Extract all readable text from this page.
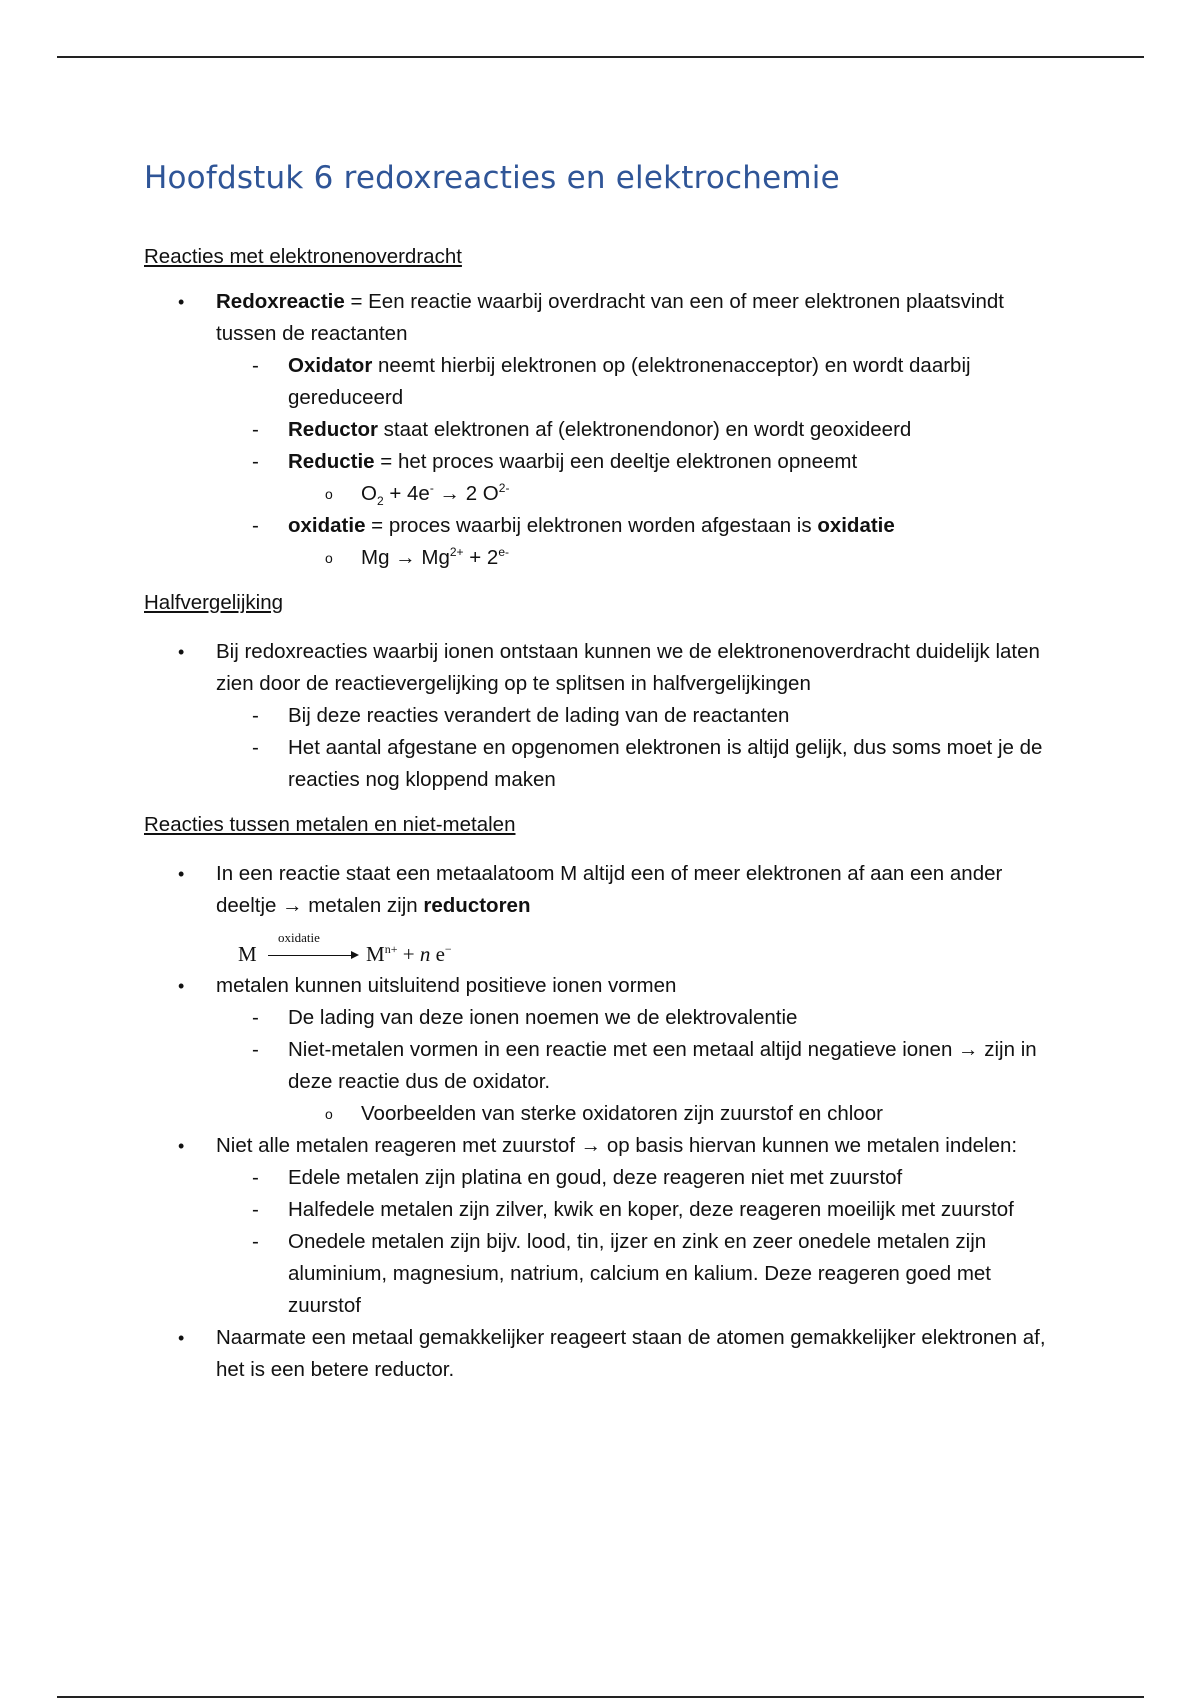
Hoofdstuk 6 redoxreacties en elektrochemie
Reacties met elektronenoverdracht
• Redoxreactie = Een reactie waarbij overdracht van een of meer elektronen plaatsvindt tussen de reactanten
- Oxidator neemt hierbij elektronen op (elektronenacceptor) en wordt daarbij gereduceerd
- Reductor staat elektronen af (elektronendonor) en wordt geoxideerd
- Reductie = het proces waarbij een deeltje elektronen opneemt
o $O_2 + 4e^- \to 2$ $O^{2-}$
- oxidatie = proces waarbij elektronen worden afgestaan is oxidatie
o $Mg \to Mg^{2+} + 2^{e-}$
Halfvergelijking
• Bij redoxreacties waarbij ionen ontstaan kunnen we de elektronenoverdracht duidelijk laten zien door de reactievergelijking op te splitsen in halfvergelijkingen
- Bij deze reacties verandert de lading van de reactanten
- Het aantal afgestane en opgenomen elektronen is altijd gelijk, dus soms moet je de reacties nog kloppend maken
Reacties tussen metalen en niet-metalen
• In een reactie staat een metaalatoom M altijd een of meer elektronen af aan een ander deeltje → metalen zijn reductoren
M
oxidatie
$M^{n+} + n$ e−
• metalen kunnen uitsluitend positieve ionen vormen
- De lading van deze ionen noemen we de elektrovalentie
- Niet-metalen vormen in een reactie met een metaal altijd negatieve ionen → zijn in deze reactie dus de oxidator.
o Voorbeelden van sterke oxidatoren zijn zuurstof en chloor
• Niet alle metalen reageren met zuurstof → op basis hiervan kunnen we metalen indelen:
- Edele metalen zijn platina en goud, deze reageren niet met zuurstof
- Halfedele metalen zijn zilver, kwik en koper, deze reageren moeilijk met zuurstof
- Onedele metalen zijn bijv. lood, tin, ijzer en zink en zeer onedele metalen zijn aluminium, magnesium, natrium, calcium en kalium. Deze reageren goed met zuurstof
• Naarmate een metaal gemakkelijker reageert staan de atomen gemakkelijker elektronen af, het is een betere reductor.
